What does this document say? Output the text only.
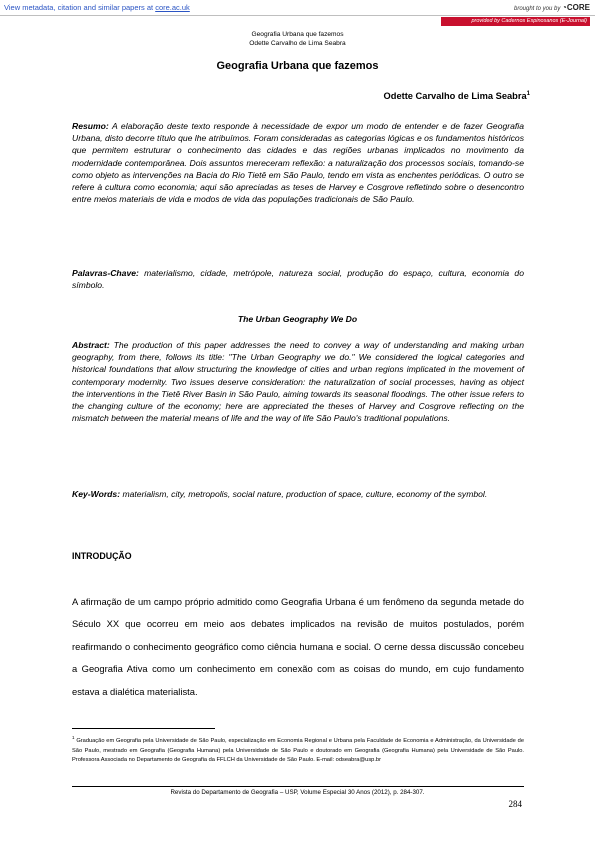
View metadata, citation and similar papers at core.ac.uk	brought to you by ◔CORE
provided by Cadernos Espinosanos (E-Journal)
Geografia Urbana que fazemos
Odette Carvalho de Lima Seabra
Geografia Urbana que fazemos
Odette Carvalho de Lima Seabra$^1$

Resumo: A elaboração deste texto responde à necessidade de expor um modo de entender e de fazer Geografia Urbana, disto decorre título que lhe atribuímos. Foram consideradas as categorias lógicas e os fundamentos históricos que permitem estruturar o conhecimento das cidades e das regiões urbanas implicados no movimento da modernidade contemporânea. Dois assuntos mereceram reflexão: a naturalização dos processos sociais, tomando-se como objeto as intervenções na Bacia do Rio Tietê em São Paulo, tendo em vista as enchentes periódicas. O outro se refere à cultura como economia; aqui são apreciadas as teses de Harvey e Cosgrove refletindo sobre o desencontro entre meios materiais de vida e modos de vida das populações tradicionais de São Paulo.

Palavras-Chave: materialismo, cidade, metrópole, natureza social, produção do espaço, cultura, economia do símbolo.

The Urban Geography We Do

Abstract: The production of this paper addresses the need to convey a way of understanding and making urban geography, from there, follows its title: "The Urban Geography we do." We considered the logical categories and historical foundations that allow structuring the knowledge of cities and urban regions implicated in the movement of contemporary modernity. Two issues deserve consideration: the naturalization of social processes, having as object the interventions in the Tietê River Basin in São Paulo, aiming towards its seasonal floodings. The other issue refers to the changing culture of the economy; here are appreciated the theses of Harvey and Cosgrove reflecting on the mismatch between the material means of life and the way of life São Paulo's traditional populations.

Key-Words: materialism, city, metropolis, social nature, production of space, culture, economy of the symbol.

INTRODUÇÃO

A afirmação de um campo próprio admitido como Geografia Urbana é um fenômeno da segunda metade do Século XX que ocorreu em meio aos debates implicados na revisão de muitos postulados, porém reafirmando o conhecimento geográfico como ciência humana e social. O cerne dessa discussão concebeu a Geografia Ativa como um conhecimento em conexão com as coisas do mundo, em cujo fundamento estava a dialética materialista.

$^1$ Graduação em Geografia pela Universidade de São Paulo, especialização em Economia Regional e Urbana pela Faculdade de Economia e Administração, da Universidade de São Paulo, mestrado em Geografia (Geografia Humana) pela Universidade de São Paulo e doutorado em Geografia (Geografia Humana) pela Universidade de São Paulo. Professora Associada no Departamento de Geografia da FFLCH da Universidade de São Paulo. E-mail: odseabra@usp.br

Revista do Departamento de Geografia – USP, Volume Especial 30 Anos (2012), p. 284-307.
284
